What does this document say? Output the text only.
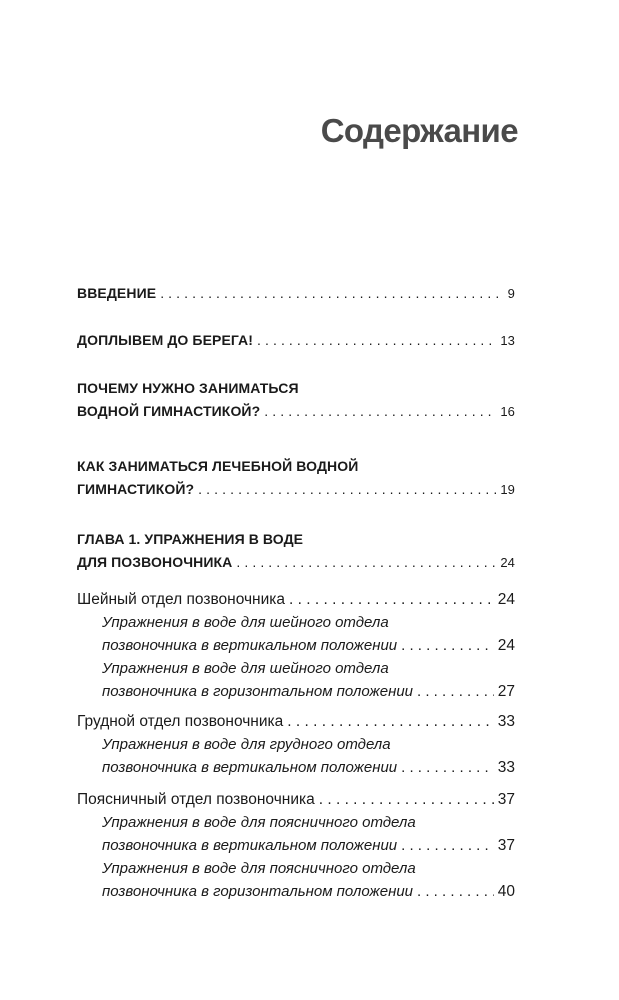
Содержание
ВВЕДЕНИЕ . . .	9
ДОПЛЫВЕМ ДО БЕРЕГА! . . .	13
ПОЧЕМУ НУЖНО ЗАНИМАТЬСЯ
ВОДНОЙ ГИМНАСТИКОЙ? . . .	16
КАК ЗАНИМАТЬСЯ ЛЕЧЕБНОЙ ВОДНОЙ
ГИМНАСТИКОЙ? . . .	19
ГЛАВА 1. УПРАЖНЕНИЯ В ВОДЕ
ДЛЯ ПОЗВОНОЧНИКА . . .	24
Шейный отдел позвоночника . . .	24
Упражнения в воде для шейного отдела
позвоночника в вертикальном положении . . .	24
Упражнения в воде для шейного отдела
позвоночника в горизонтальном положении . . .	27
Грудной отдел позвоночника . . .	33
Упражнения в воде для грудного отдела
позвоночника в вертикальном положении . . .	33
Поясничный отдел позвоночника . . .	37
Упражнения в воде для поясничного отдела
позвоночника в вертикальном положении . . .	37
Упражнения в воде для поясничного отдела
позвоночника в горизонтальном положении . . .	40
